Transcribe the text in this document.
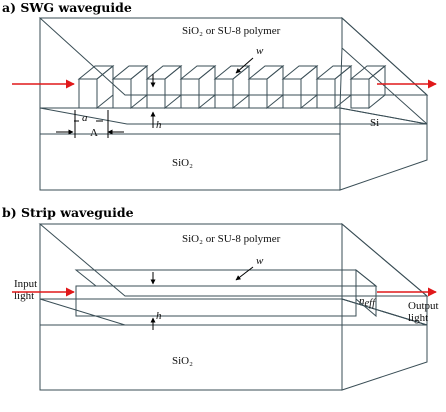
a) SWG waveguide
SiO₂ or SU-8 polymer
SiO₂
Si
w
h
a
Λ
b) Strip waveguide
SiO₂ or SU-8 polymer
SiO₂
w
h
neff
Input
light
Output
light
